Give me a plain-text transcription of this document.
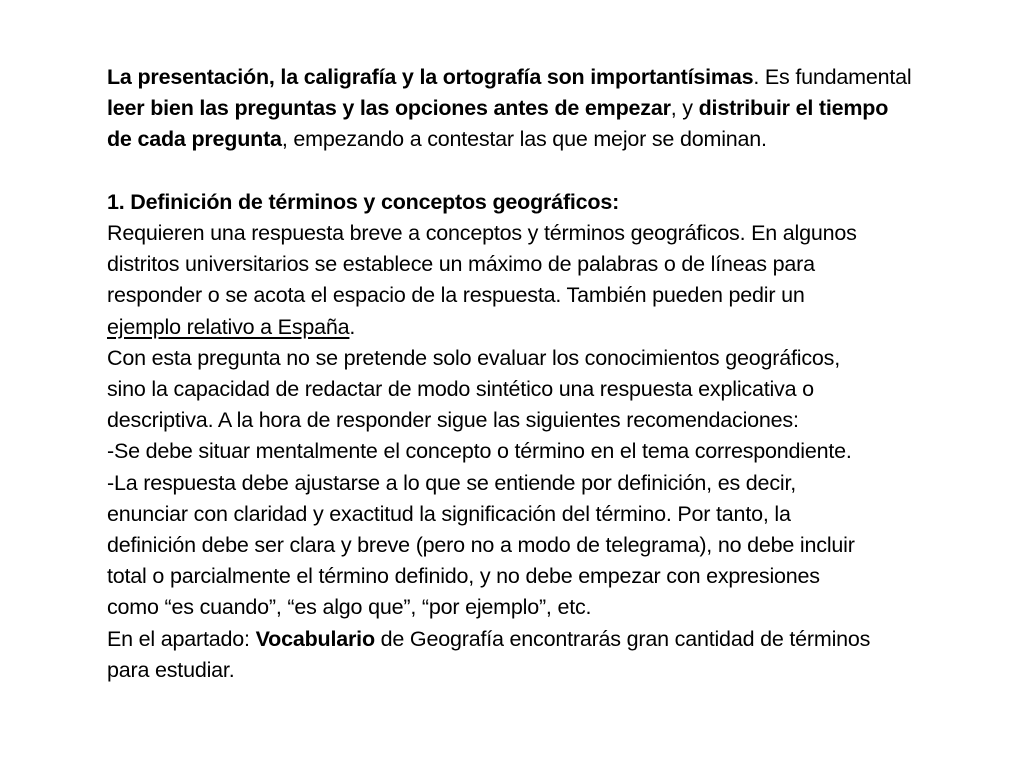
La presentación, la caligrafía y la ortografía son importantísimas. Es fundamental
leer bien las preguntas y las opciones antes de empezar, y distribuir el tiempo
de cada pregunta, empezando a contestar las que mejor se dominan.
1. Definición de términos y conceptos geográficos:
Requieren una respuesta breve a conceptos y términos geográficos. En algunos
distritos universitarios se establece un máximo de palabras o de líneas para
responder o se acota el espacio de la respuesta. También pueden pedir un
ejemplo relativo a España.
Con esta pregunta no se pretende solo evaluar los conocimientos geográficos,
sino la capacidad de redactar de modo sintético una respuesta explicativa o
descriptiva. A la hora de responder sigue las siguientes recomendaciones:
-Se debe situar mentalmente el concepto o término en el tema correspondiente.
-La respuesta debe ajustarse a lo que se entiende por definición, es decir,
enunciar con claridad y exactitud la significación del término. Por tanto, la
definición debe ser clara y breve (pero no a modo de telegrama), no debe incluir
total o parcialmente el término definido, y no debe empezar con expresiones
como “es cuando”, “es algo que”, “por ejemplo”, etc.
En el apartado: Vocabulario de Geografía encontrarás gran cantidad de términos
para estudiar.
